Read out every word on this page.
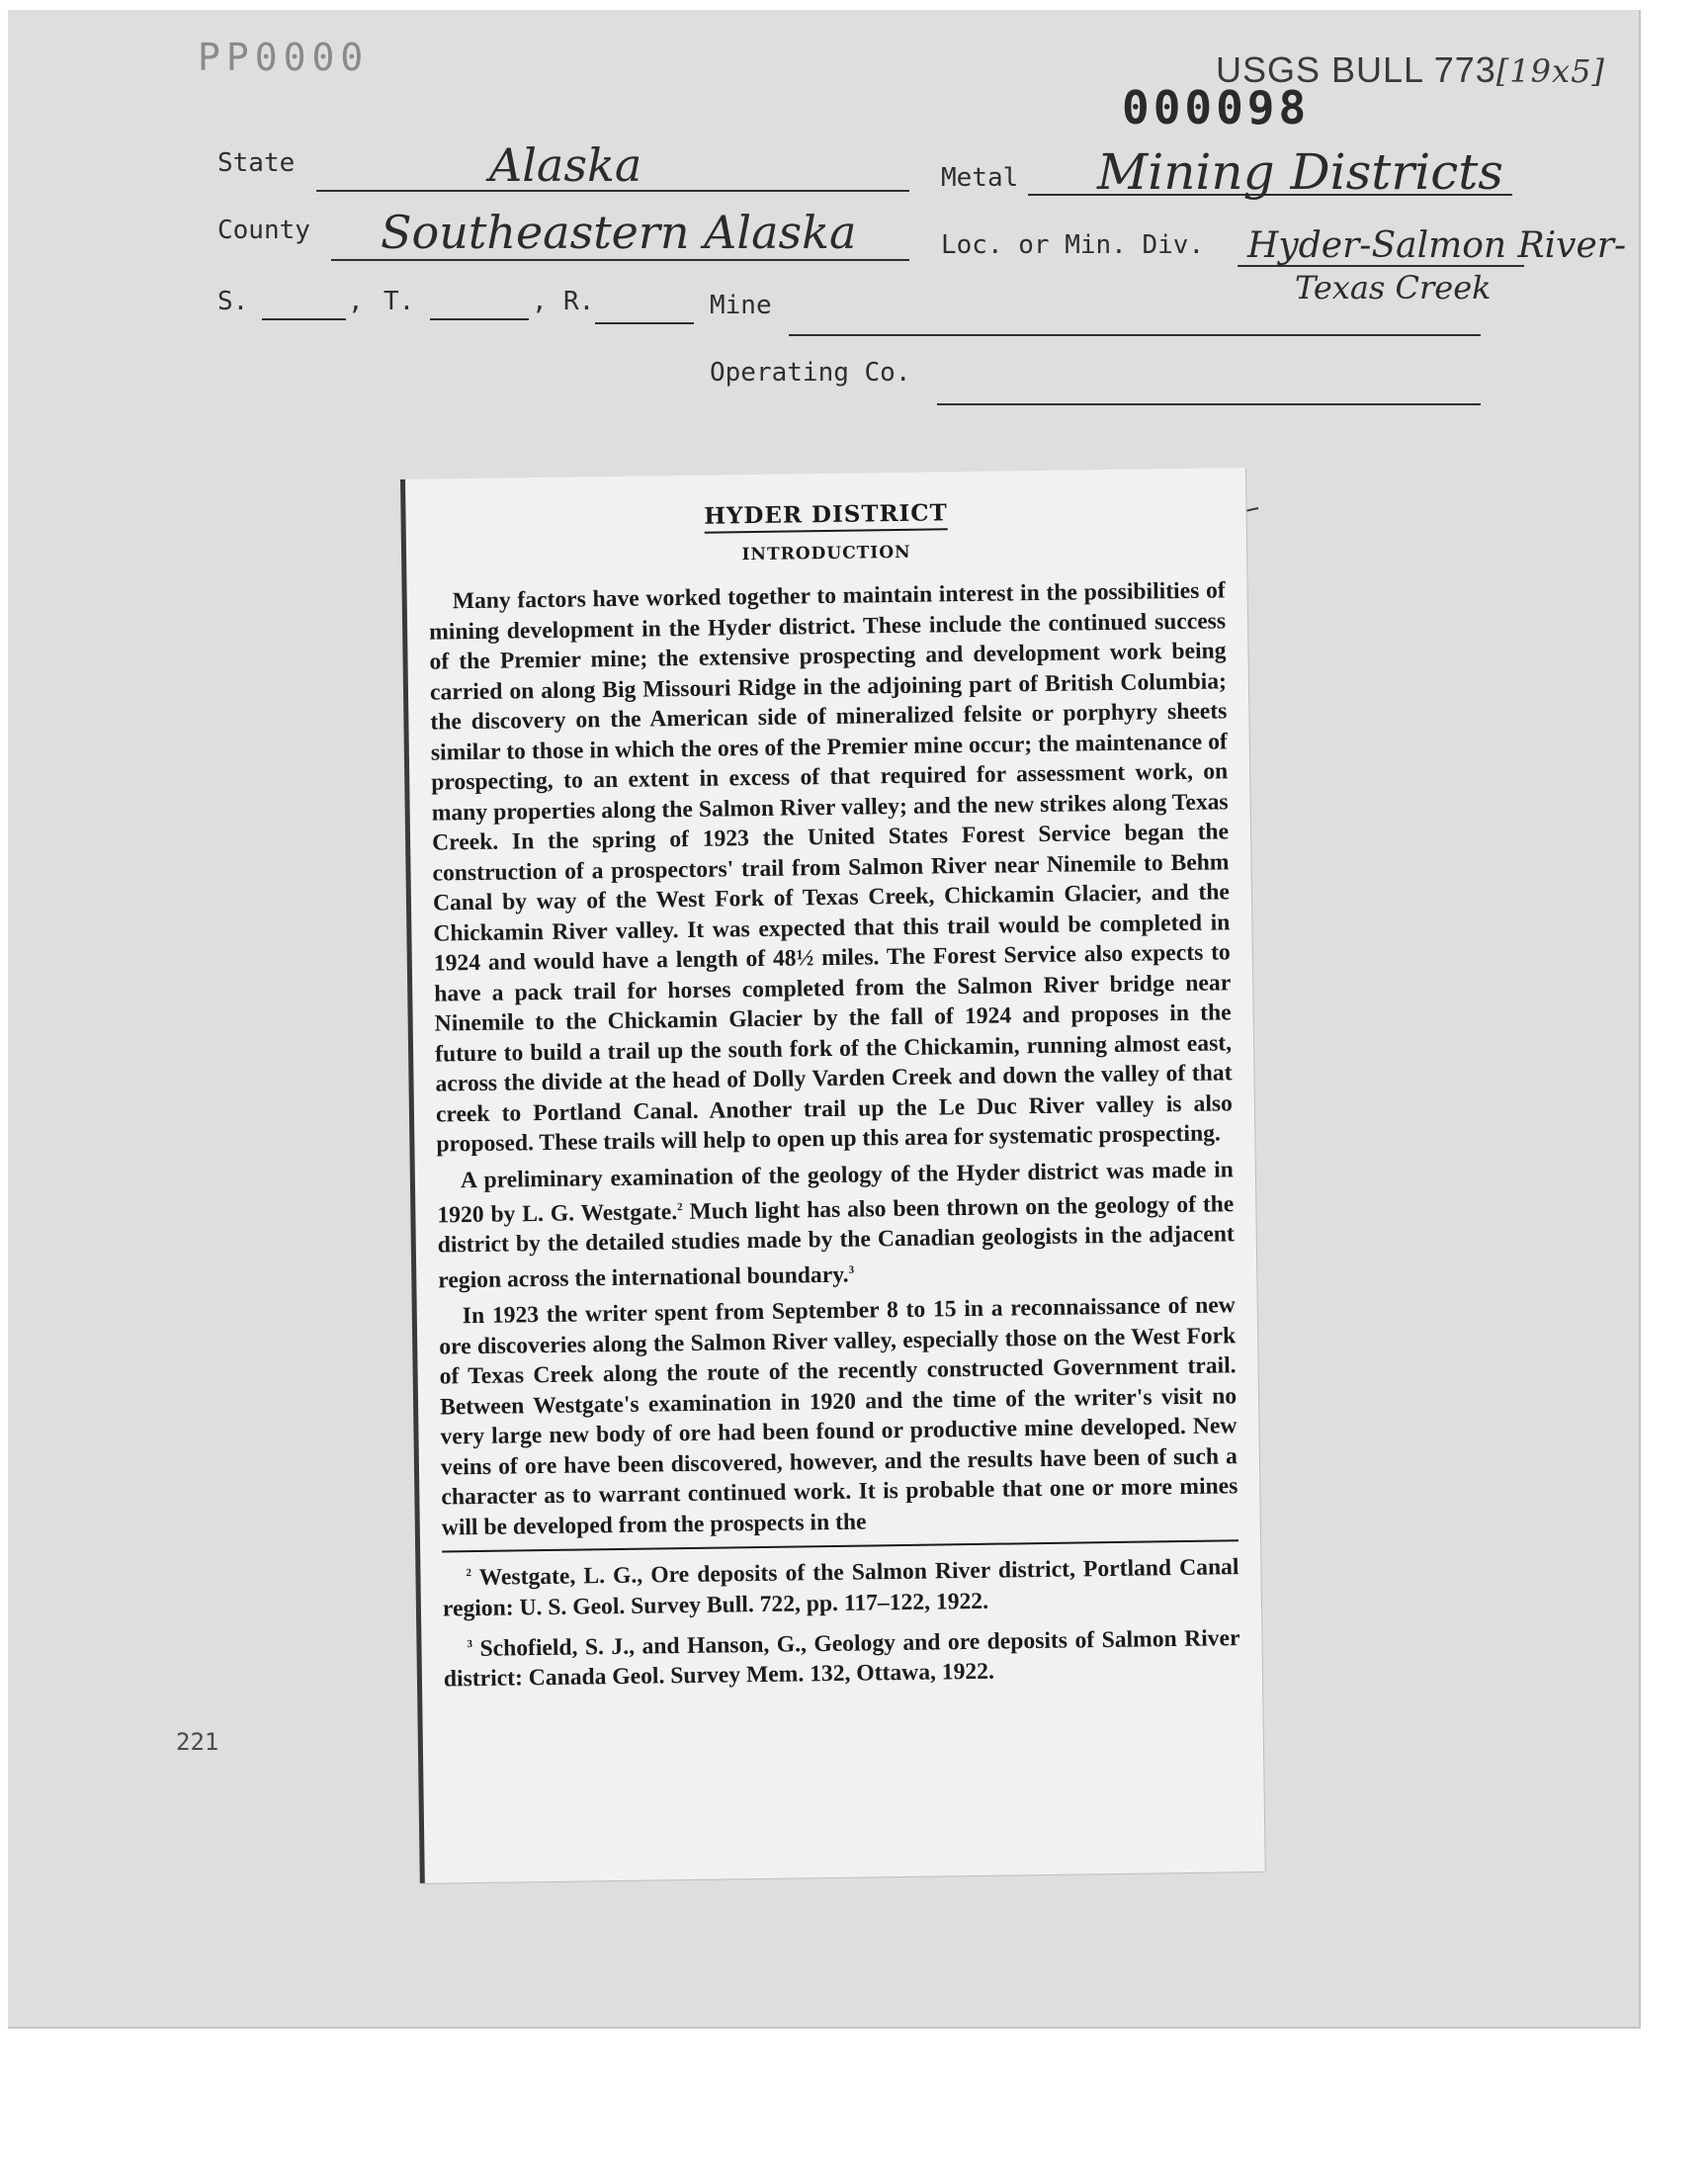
PP0000	USGS BULL 773[19x5]
000098
State	Alaska	Metal Mining Districts
County Southeastern Alaska	Loc. or Min. Div. Hyder-Salmon River-
Texas Creek
S.	, T.	, R.	Mine
Operating Co.
HYDER DISTRICT
INTRODUCTION

Many factors have worked together to maintain interest in the possibilities of mining development in the Hyder district. These include the continued success of the Premier mine; the extensive prospecting and development work being carried on along Big Missouri Ridge in the adjoining part of British Columbia; the discovery on the American side of mineralized felsite or porphyry sheets similar to those in which the ores of the Premier mine occur; the maintenance of prospecting, to an extent in excess of that required for assessment work, on many properties along the Salmon River valley; and the new strikes along Texas Creek. In the spring of 1923 the United States Forest Service began the construction of a prospectors' trail from Salmon River near Ninemile to Behm Canal by way of the West Fork of Texas Creek, Chickamin Glacier, and the Chickamin River valley. It was expected that this trail would be completed in 1924 and would have a length of 48½ miles. The Forest Service also expects to have a pack trail for horses completed from the Salmon River bridge near Ninemile to the Chickamin Glacier by the fall of 1924 and proposes in the future to build a trail up the south fork of the Chickamin, running almost east, across the divide at the head of Dolly Varden Creek and down the valley of that creek to Portland Canal. Another trail up the Le Duc River valley is also proposed. These trails will help to open up this area for systematic prospecting.

A preliminary examination of the geology of the Hyder district was made in 1920 by L. G. Westgate.$^2$ Much light has also been thrown on the geology of the district by the detailed studies made by the Canadian geologists in the adjacent region across the international boundary.$^3$

In 1923 the writer spent from September 8 to 15 in a reconnaissance of new ore discoveries along the Salmon River valley, especially those on the West Fork of Texas Creek along the route of the recently constructed Government trail. Between Westgate's examination in 1920 and the time of the writer's visit no very large new body of ore had been found or productive mine developed. New veins of ore have been discovered, however, and the results have been of such a character as to warrant continued work. It is probable that one or more mines will be developed from the prospects in the

$^2$ Westgate, L. G., Ore deposits of the Salmon River district, Portland Canal region: U. S. Geol. Survey Bull. 722, pp. 117–122, 1922.

$^3$ Schofield, S. J., and Hanson, G., Geology and ore deposits of Salmon River district: Canada Geol. Survey Mem. 132, Ottawa, 1922.

221
